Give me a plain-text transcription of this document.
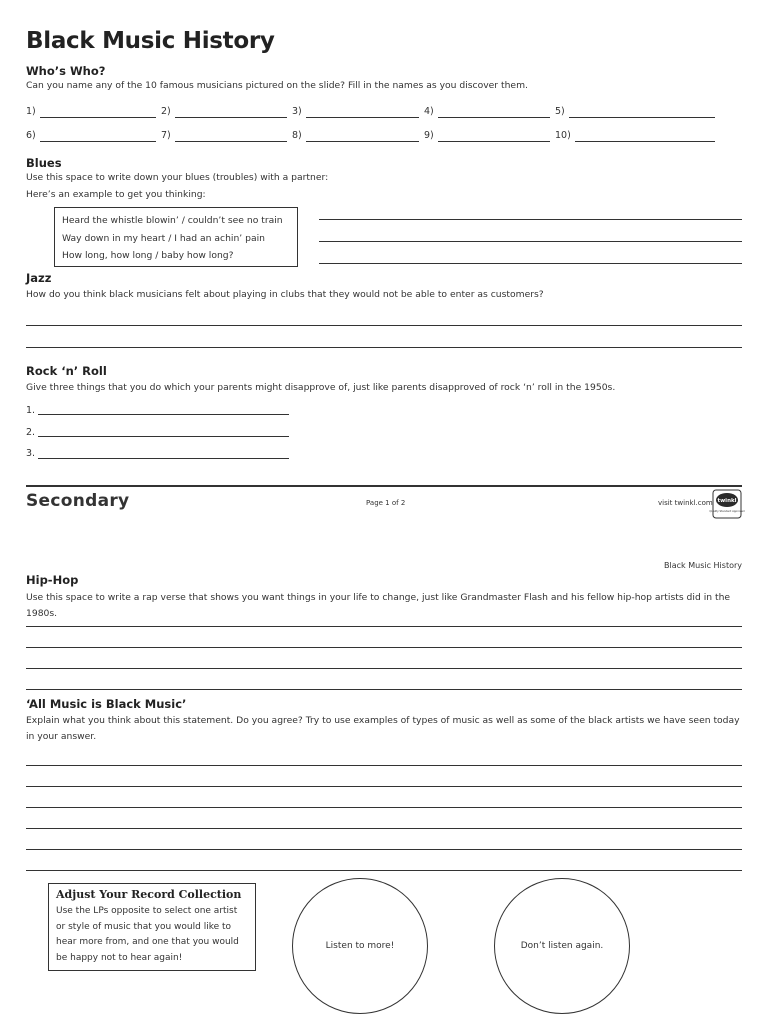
Black Music History
Who’s Who?
Can you name any of the 10 famous musicians pictured on the slide? Fill in the names as you discover them.
1)	2)	3)	4)	5)
6)	7)	8)	9)	10)
Blues
Use this space to write down your blues (troubles) with a partner:
Here’s an example to get you thinking:
Heard the whistle blowin’ / couldn’t see no train
Way down in my heart / I had an achin’ pain
How long, how long / baby how long?
Jazz
How do you think black musicians felt about playing in clubs that they would not be able to enter as customers?
Rock ‘n’ Roll
Give three things that you do which your parents might disapprove of, just like parents disapproved of rock ‘n’ roll in the 1950s.
1.
2.
3.
Secondary	Page 1 of 2	visit twinkl.com twinkl
Quality Standard Approved
Black Music History
Hip-Hop
Use this space to write a rap verse that shows you want things in your life to change, just like Grandmaster Flash and his fellow hip-hop artists did in the 1980s.
‘All Music is Black Music’
Explain what you think about this statement. Do you agree? Try to use examples of types of music as well as some of the black artists we have seen today in your answer.
Adjust Your Record Collection
Use the LPs opposite to select one artist or style of music that you would like to hear more from, and one that you would be happy not to hear again!
Listen to more!	Don’t listen again.
